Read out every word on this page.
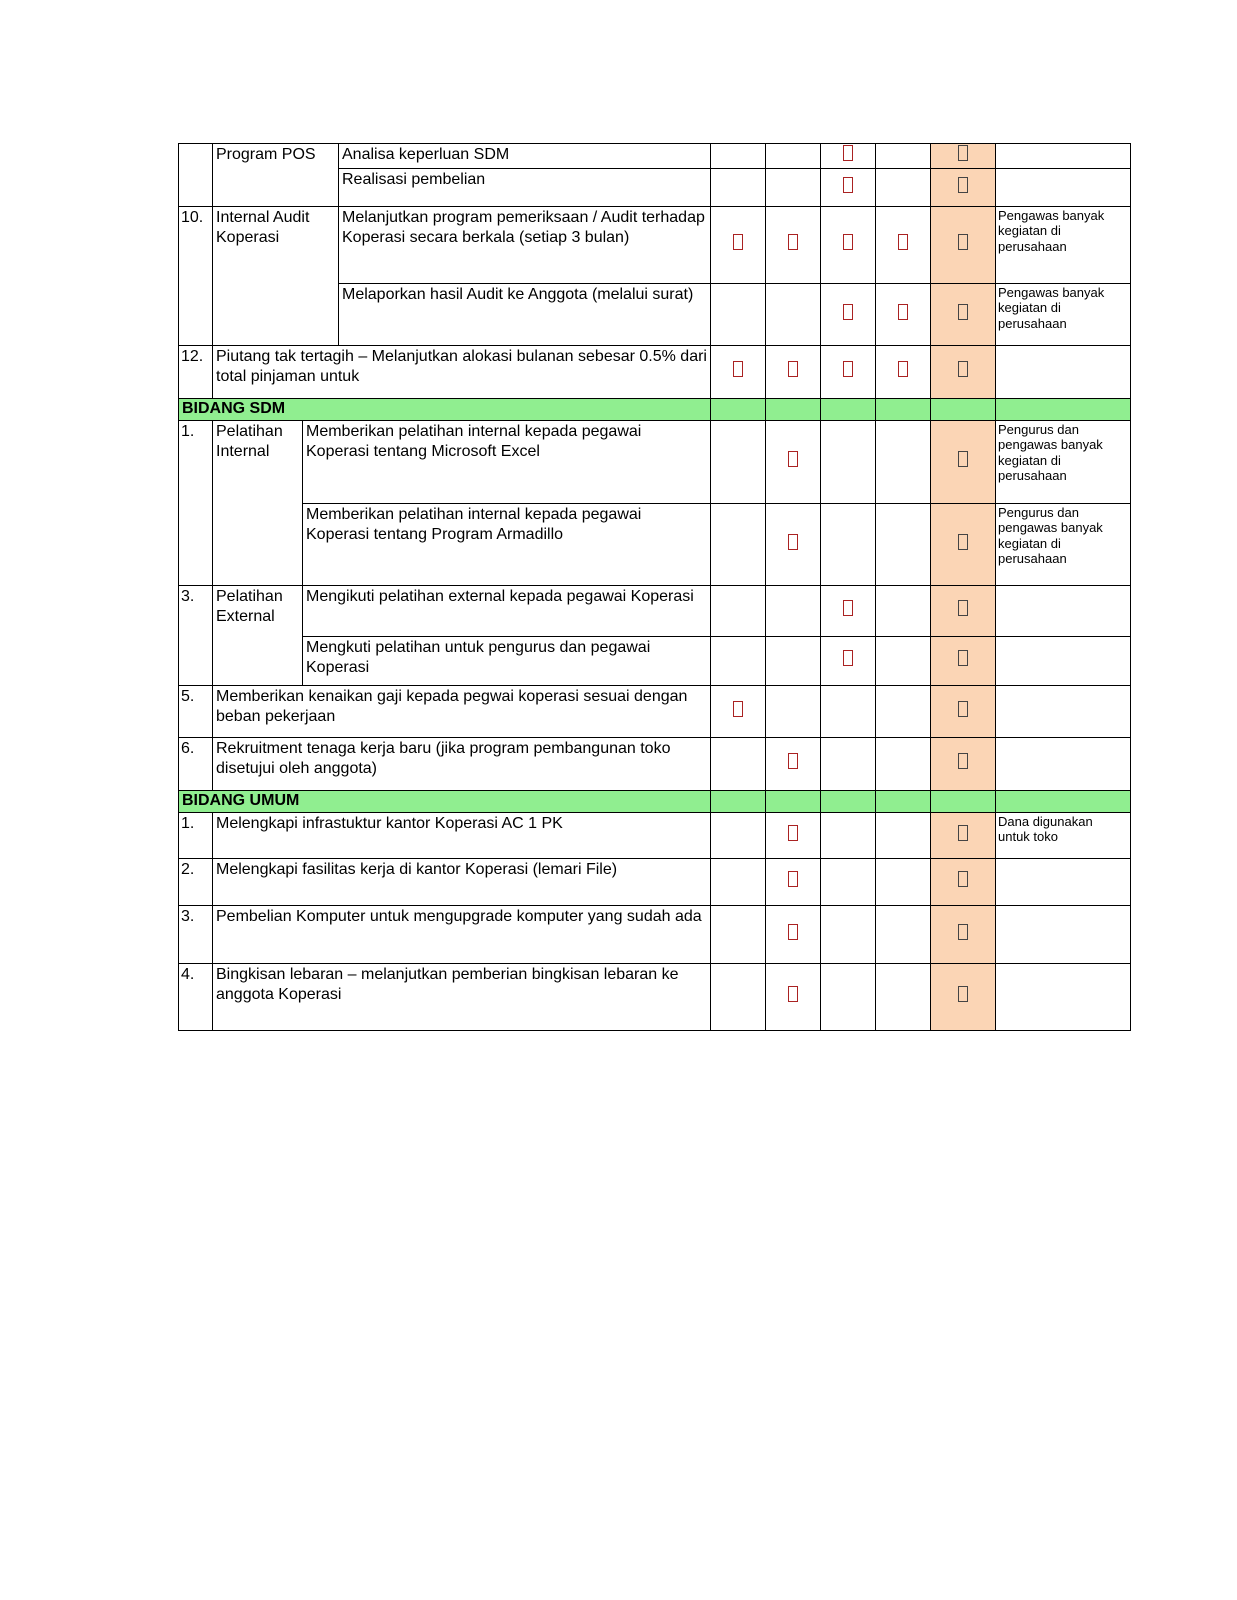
	Program POS		Analisa keperluan SDM						
			Realisasi pembelian						
10.	Internal Audit Koperasi		Melanjutkan program pemeriksaan / Audit terhadap Koperasi secara berkala (setiap 3 bulan)						Pengawas banyak kegiatan di perusahaan
			Melaporkan hasil Audit ke Anggota (melalui surat)						Pengawas banyak kegiatan di perusahaan
12.	Piutang tak tertagih – Melanjutkan alokasi bulanan sebesar 0.5% dari total pinjaman untuk								
BIDANG SDM									
1.	Pelatihan Internal	Memberikan pelatihan internal kepada pegawai Koperasi tentang Microsoft Excel							Pengurus dan pengawas banyak kegiatan di perusahaan
		Memberikan pelatihan internal kepada pegawai Koperasi tentang Program Armadillo							Pengurus dan pengawas banyak kegiatan di perusahaan
3.	Pelatihan External	Mengikuti pelatihan external kepada pegawai Koperasi							
		Mengkuti pelatihan untuk pengurus dan pegawai Koperasi							
5.	Memberikan kenaikan gaji kepada pegwai koperasi sesuai dengan beban pekerjaan								
6.	Rekruitment tenaga kerja baru (jika program pembangunan toko disetujui oleh anggota)								
BIDANG UMUM									
1.	Melengkapi infrastuktur kantor Koperasi AC 1 PK								Dana digunakan untuk toko
2.	Melengkapi fasilitas kerja di kantor Koperasi (lemari File)								
3.	Pembelian Komputer untuk mengupgrade komputer yang sudah ada								
4.	Bingkisan lebaran – melanjutkan pemberian bingkisan lebaran ke anggota Koperasi								
